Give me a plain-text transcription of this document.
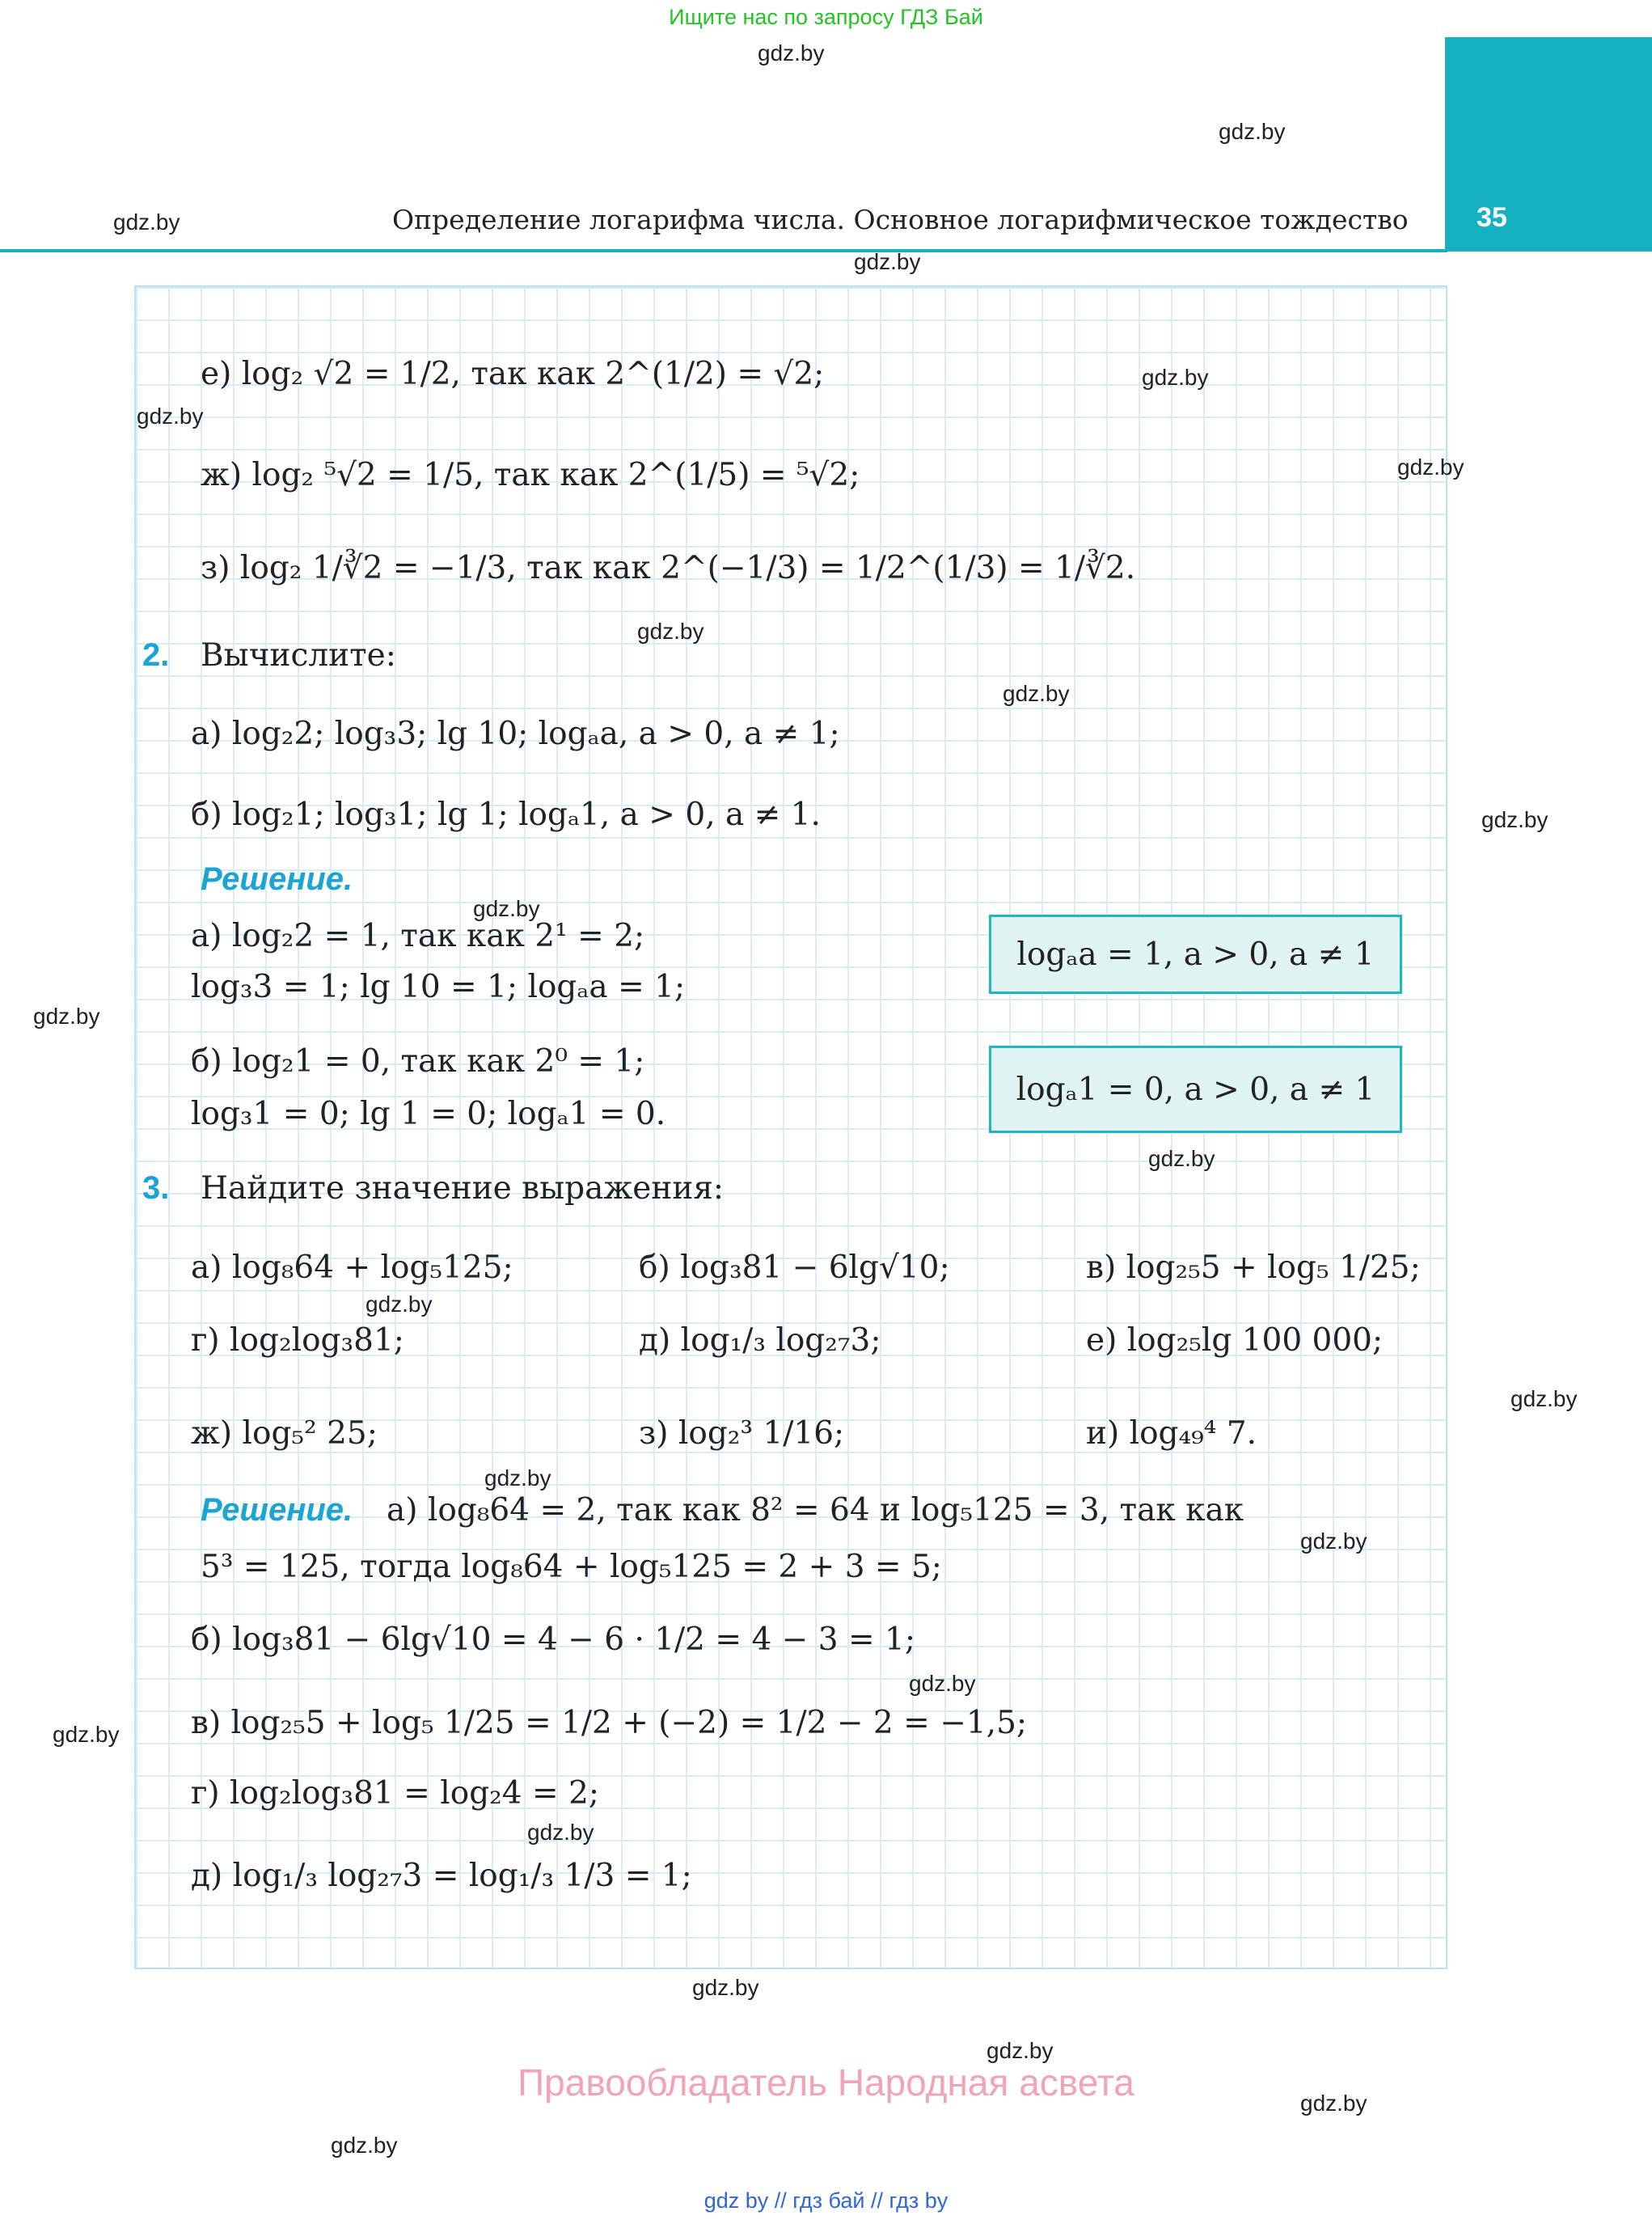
Ищите нас по запросу ГДЗ Бай
35
Определение логарифма числа. Основное логарифмическое тождество
gdz.by
gdz.by
gdz.by
gdz.by
gdz.by
gdz.by
gdz.by
gdz.by
gdz.by
gdz.by
gdz.by
gdz.by
gdz.by
gdz.by
gdz.by
gdz.by
gdz.by
gdz.by
gdz.by
gdz.by
gdz.by
gdz.by
gdz.by
gdz.by
е) log₂ √2 = 1/2, так как 2^(1/2) = √2;
ж) log₂ ⁵√2 = 1/5, так как 2^(1/5) = ⁵√2;
з) log₂ 1/∛2 = −1/3, так как 2^(−1/3) = 1/2^(1/3) = 1/∛2.
2. Вычислите:
а) log₂2; log₃3; lg 10; logₐa, a > 0, a ≠ 1;
б) log₂1; log₃1; lg 1; logₐ1, a > 0, a ≠ 1.
Решение.
а) log₂2 = 1, так как 2¹ = 2;
log₃3 = 1; lg 10 = 1; logₐa = 1;
б) log₂1 = 0, так как 2⁰ = 1;
log₃1 = 0; lg 1 = 0; logₐ1 = 0.
logₐa = 1, a > 0, a ≠ 1
logₐ1 = 0, a > 0, a ≠ 1
3. Найдите значение выражения:
а) log₈64 + log₅125;	б) log₃81 − 6lg√10;	в) log₂₅5 + log₅ 1/25;
г) log₂log₃81;	д) log₁/₃ log₂₇3;	е) log₂₅lg 100 000;
ж) log₅² 25;	з) log₂³ 1/16;	и) log₄₉⁴ 7.
Решение. а) log₈64 = 2, так как 8² = 64 и log₅125 = 3, так как
5³ = 125, тогда log₈64 + log₅125 = 2 + 3 = 5;
б) log₃81 − 6lg√10 = 4 − 6 · 1/2 = 4 − 3 = 1;
в) log₂₅5 + log₅ 1/25 = 1/2 + (−2) = 1/2 − 2 = −1,5;
г) log₂log₃81 = log₂4 = 2;
д) log₁/₃ log₂₇3 = log₁/₃ 1/3 = 1;
Правообладатель Народная асвета
gdz by // гдз бай // гдз by
